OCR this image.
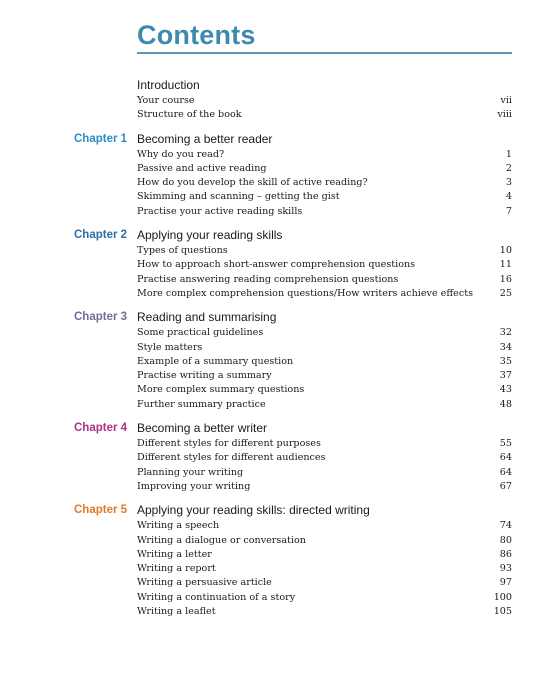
Contents
Introduction
Your course	vii
Structure of the book	viii
Chapter 1 Becoming a better reader
Why do you read?	1
Passive and active reading	2
How do you develop the skill of active reading?	3
Skimming and scanning – getting the gist	4
Practise your active reading skills	7
Chapter 2 Applying your reading skills
Types of questions	10
How to approach short-answer comprehension questions	11
Practise answering reading comprehension questions	16
More complex comprehension questions/How writers achieve effects	25
Chapter 3 Reading and summarising
Some practical guidelines	32
Style matters	34
Example of a summary question	35
Practise writing a summary	37
More complex summary questions	43
Further summary practice	48
Chapter 4 Becoming a better writer
Different styles for different purposes	55
Different styles for different audiences	64
Planning your writing	64
Improving your writing	67
Chapter 5 Applying your reading skills: directed writing
Writing a speech	74
Writing a dialogue or conversation	80
Writing a letter	86
Writing a report	93
Writing a persuasive article	97
Writing a continuation of a story	100
Writing a leaflet	105
